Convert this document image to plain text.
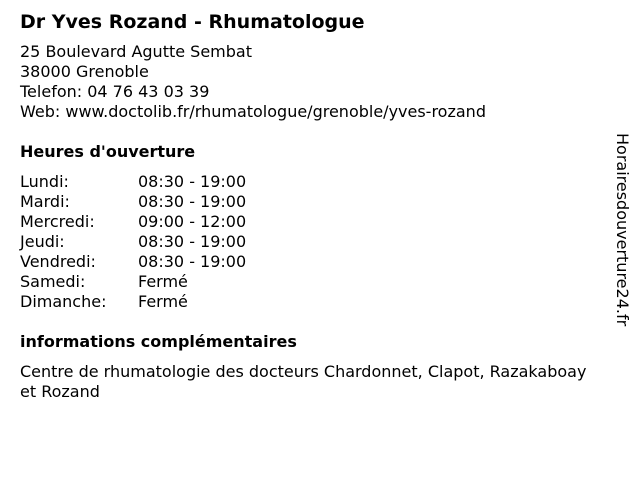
Dr Yves Rozand - Rhumatologue
25 Boulevard Agutte Sembat
38000 Grenoble
Telefon: 04 76 43 03 39
Web: www.doctolib.fr/rhumatologue/grenoble/yves-rozand
Heures d'ouverture
Lundi:	08:30 - 19:00
Mardi:	08:30 - 19:00
Mercredi:	09:00 - 12:00
Jeudi:	08:30 - 19:00
Vendredi:	08:30 - 19:00
Samedi:	Fermé
Dimanche:	Fermé
informations complémentaires
Centre de rhumatologie des docteurs Chardonnet, Clapot, Razakaboay et Rozand
Horairesdouverture24.fr
